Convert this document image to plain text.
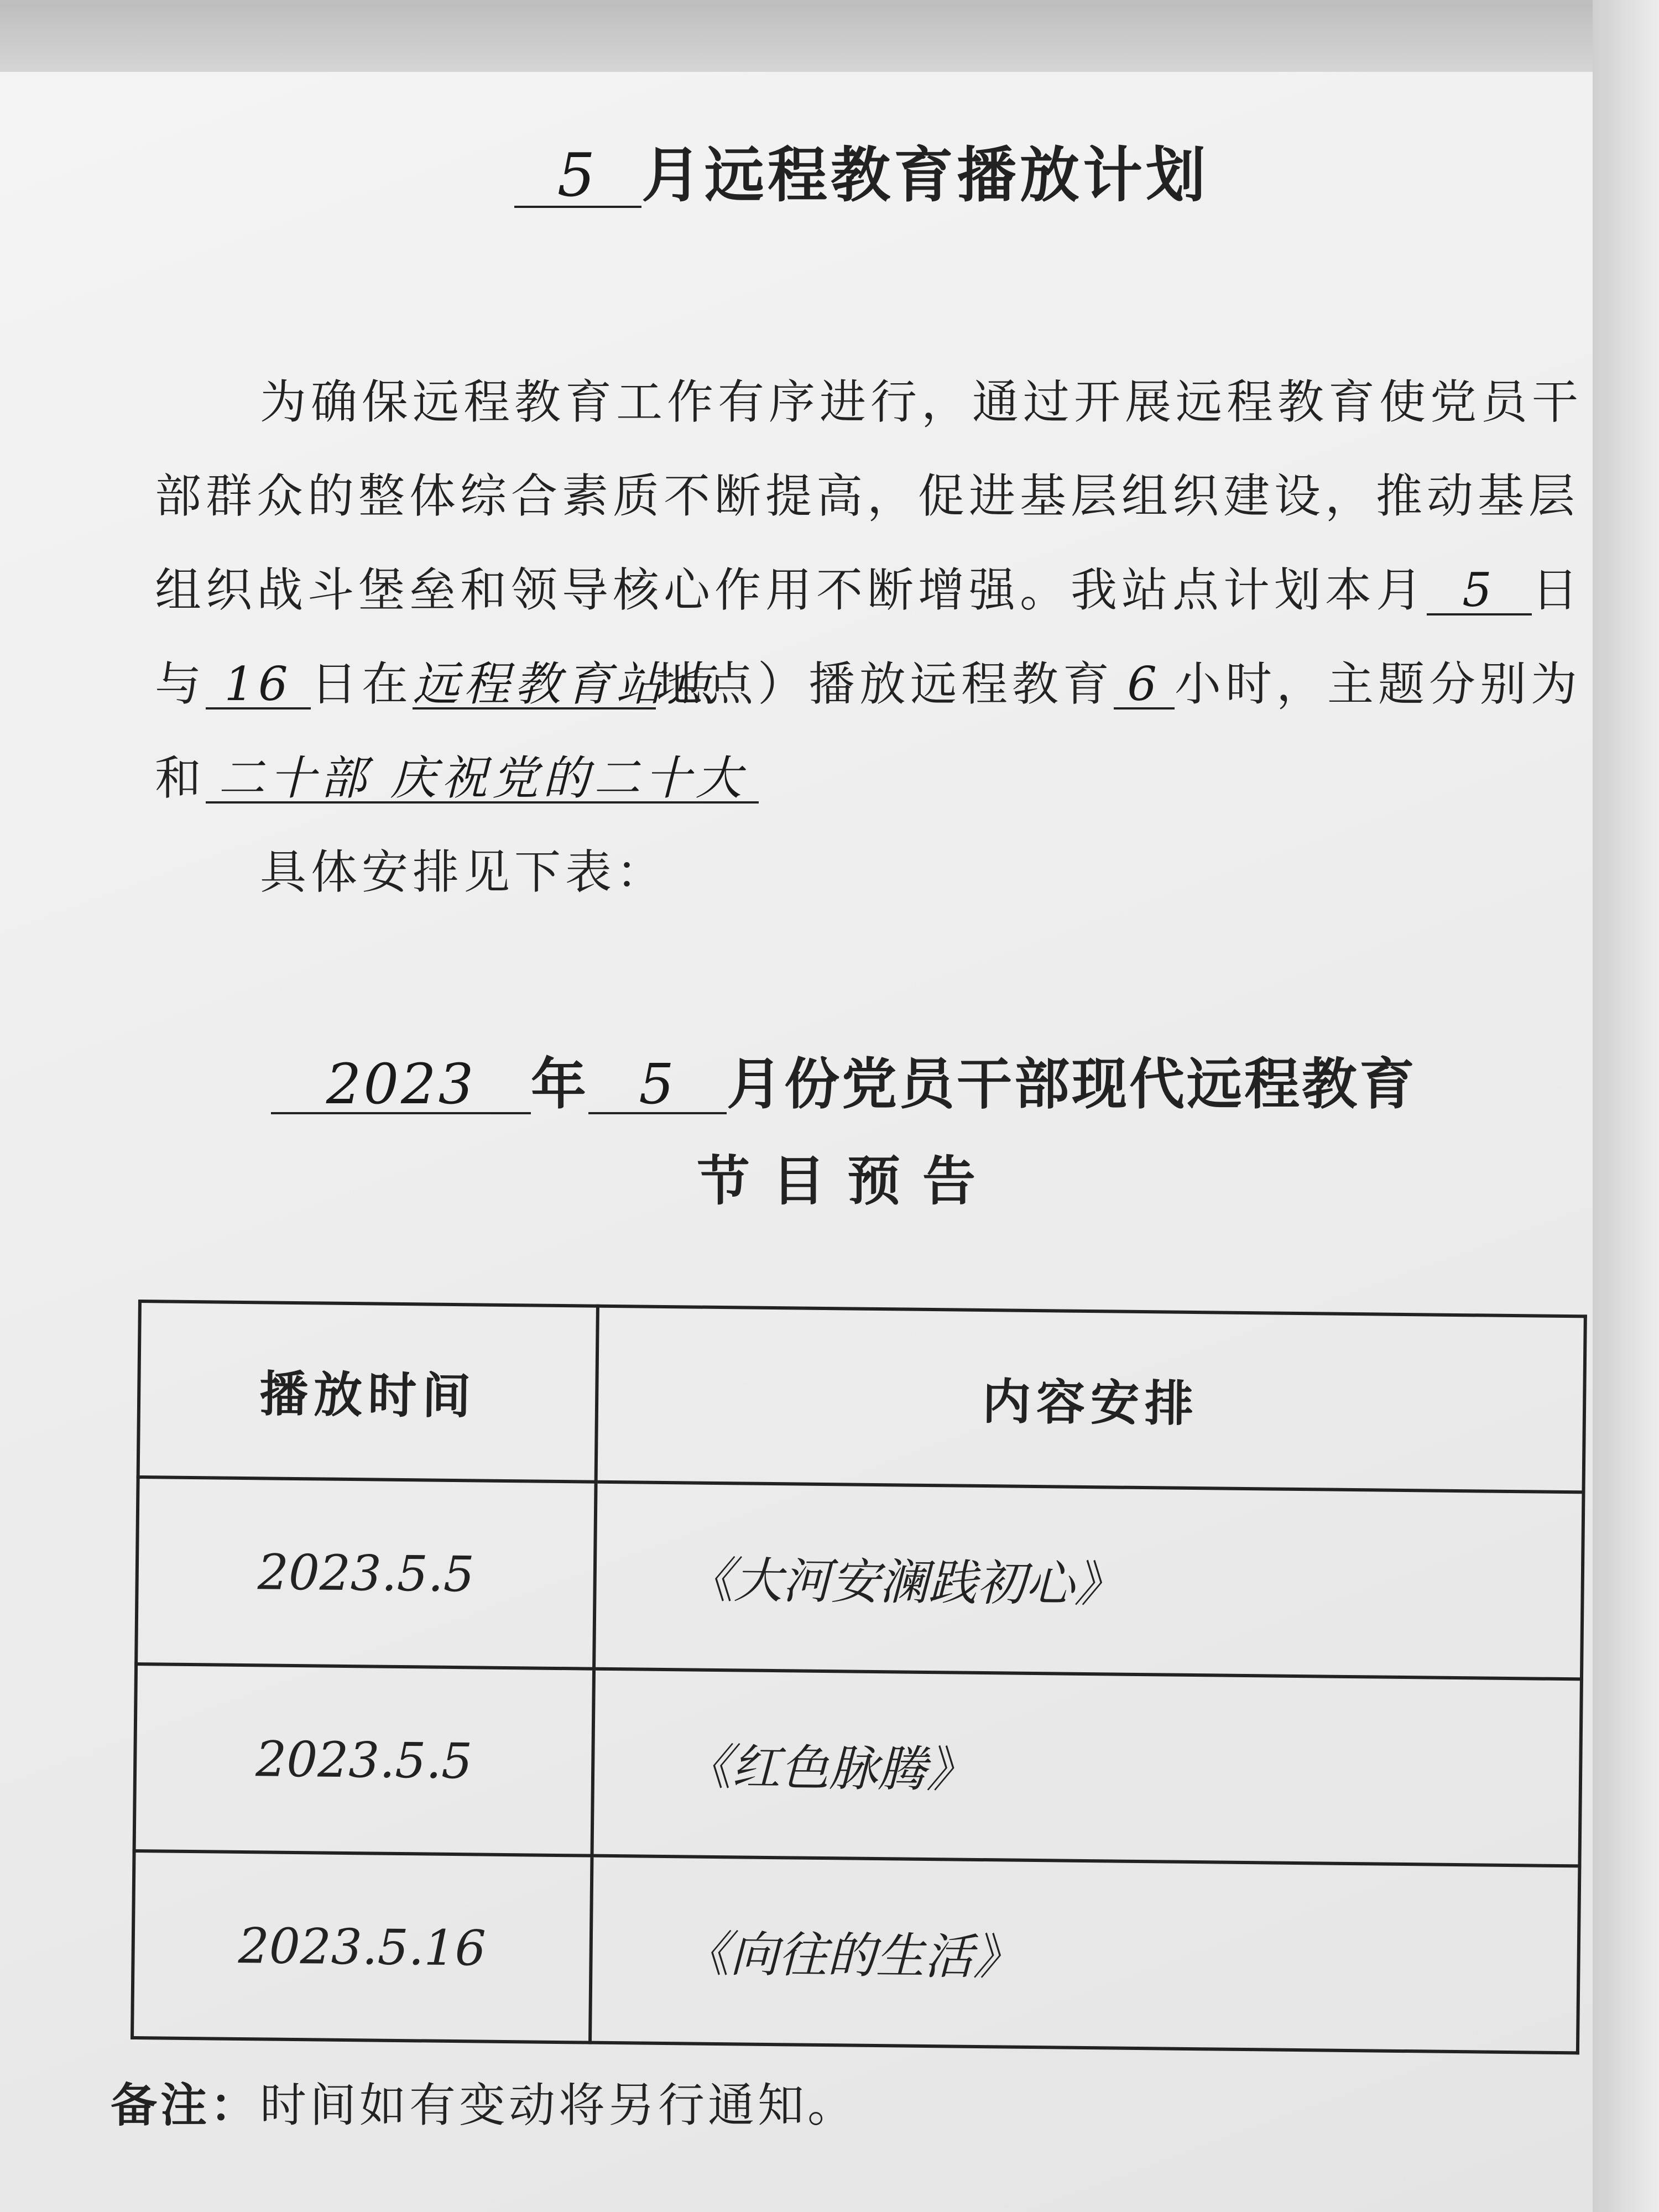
5 月远程教育播放计划
为确保远程教育工作有序进行，通过开展远程教育使党员干
部群众的整体综合素质不断提高，促进基层组织建设，推动基层
组织战斗堡垒和领导核心作用不断增强。我站点计划本月 5 日
与 16 日在远程教育站点地点）播放远程教育 6 小时，主题分别为
和 二十部 庆祝党的二十大
具体安排见下表：
2023 年 5 月份党员干部现代远程教育
节目预告
播放时间	内容安排
2023.5.5	《大河安澜践初心》
2023.5.5	《红色脉腾》
2023.5.16	《向往的生活》
备注：时间如有变动将另行通知。
